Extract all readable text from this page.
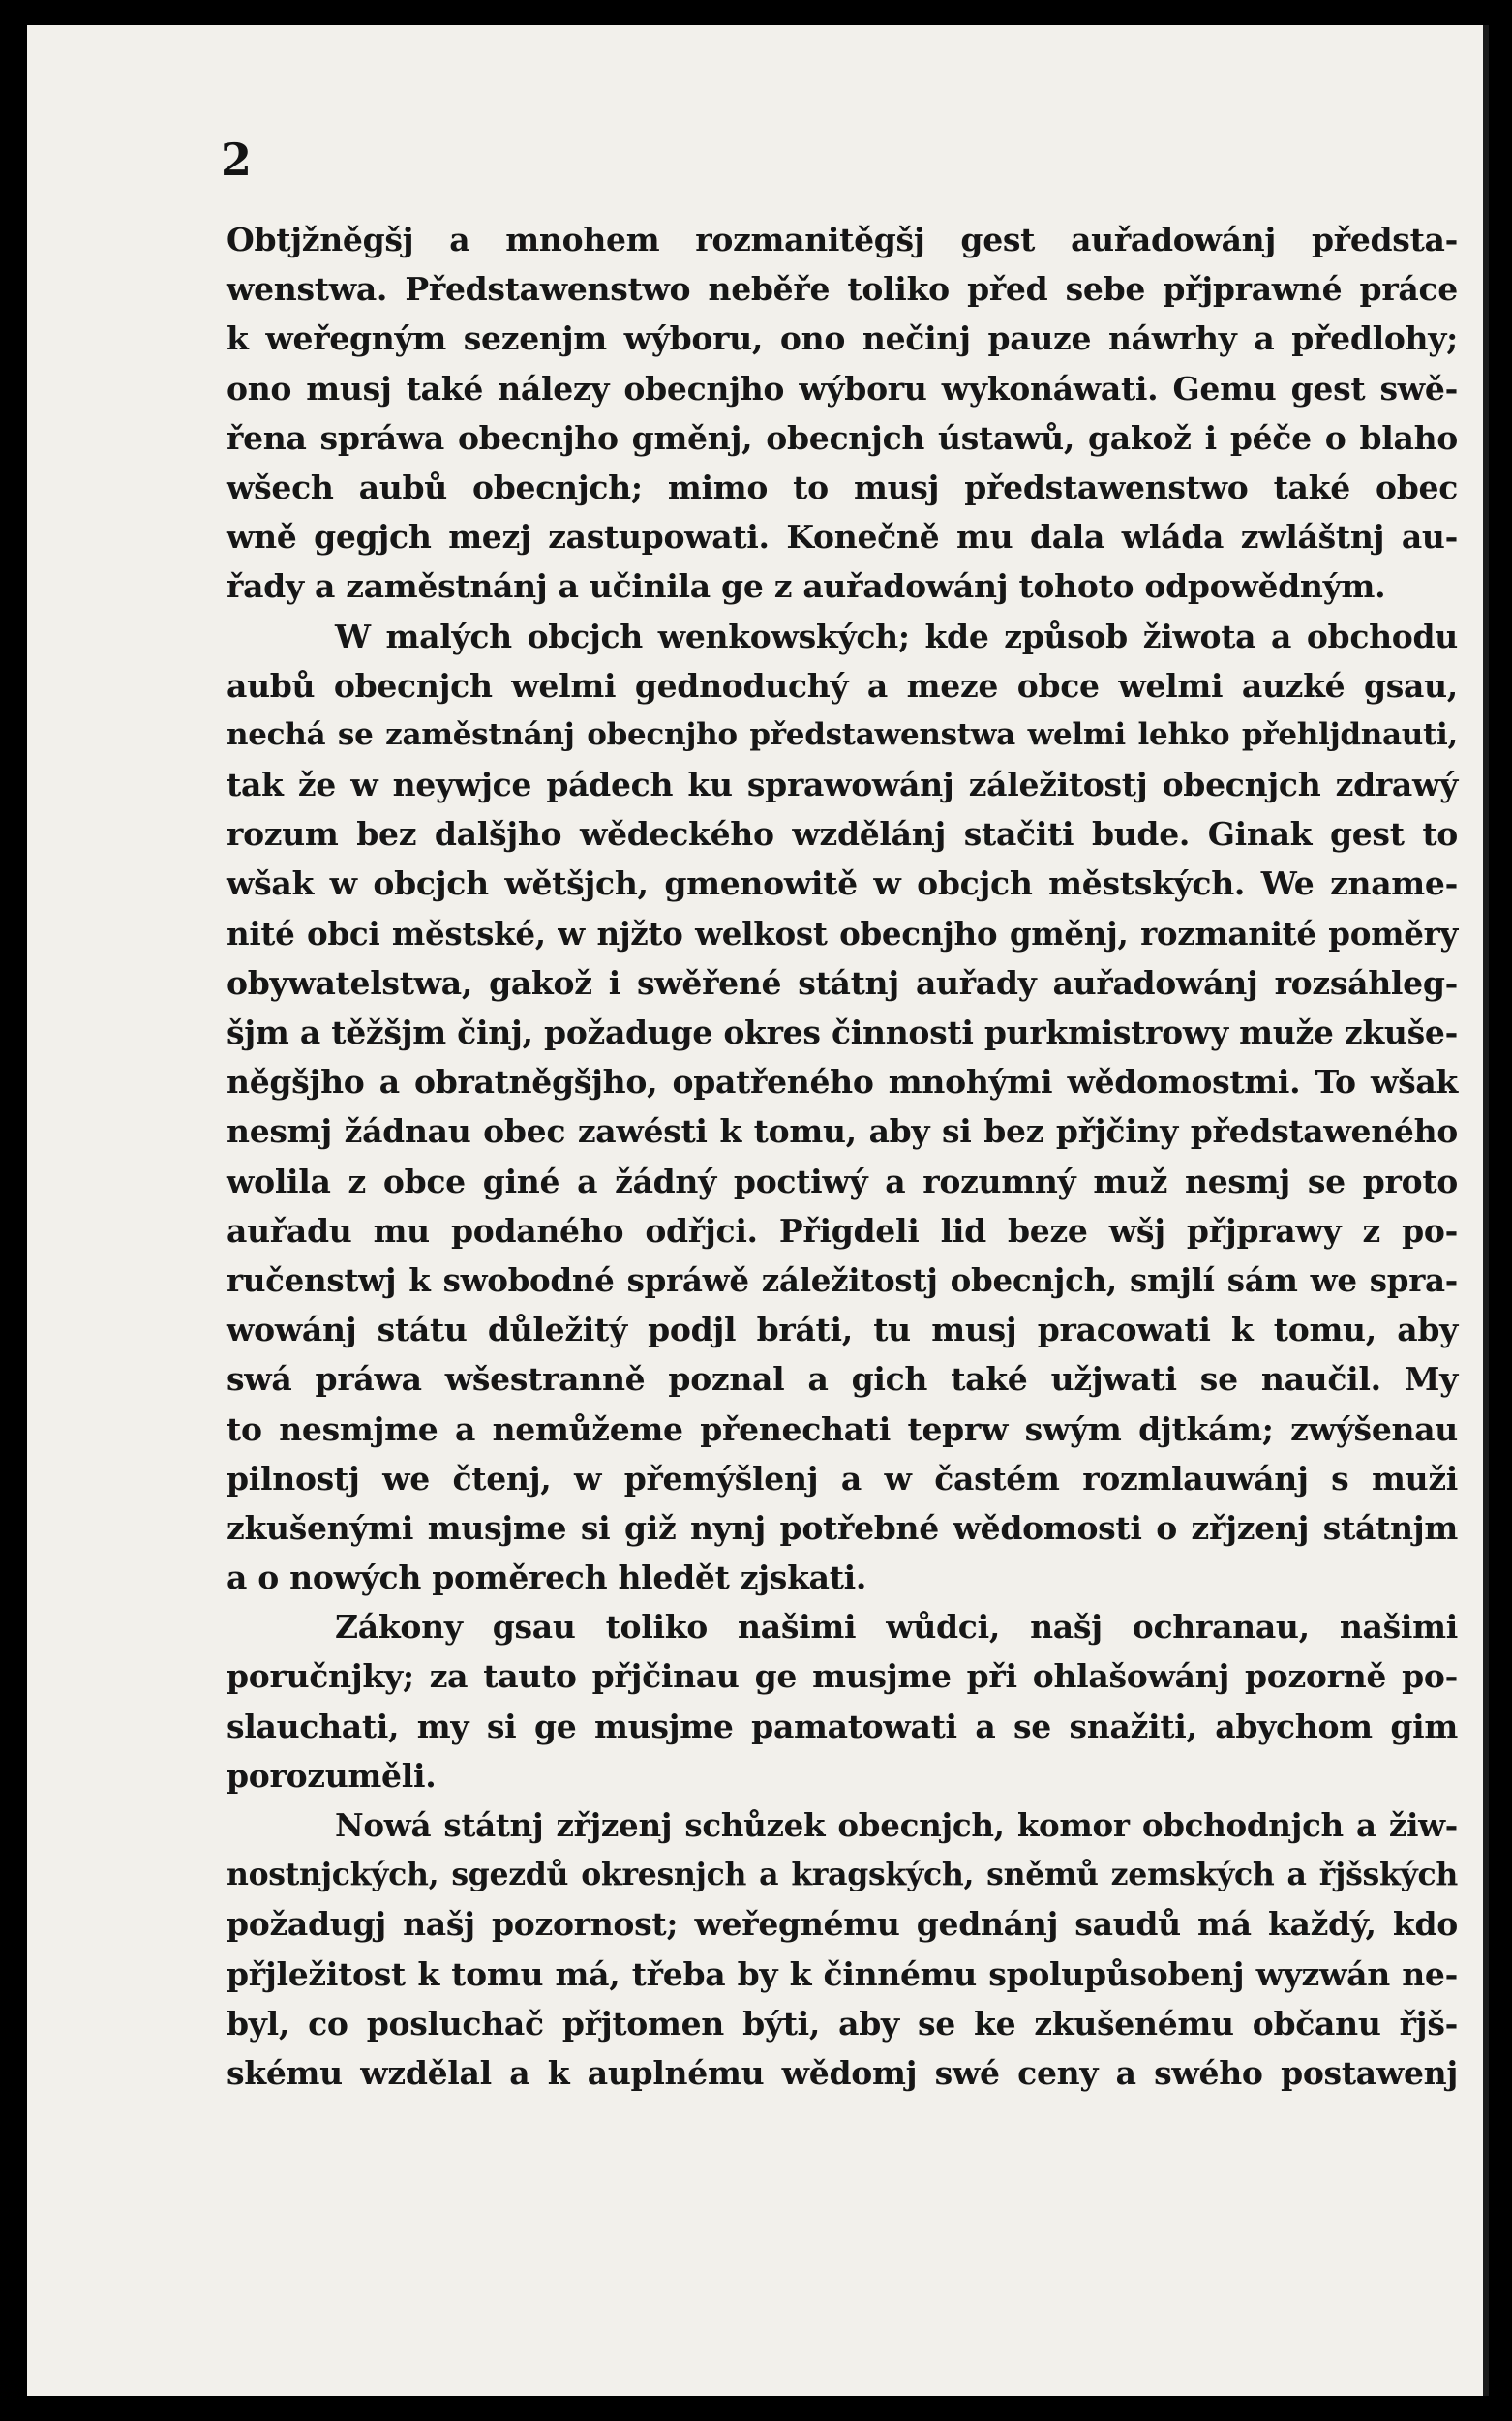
2
Obtjžněgšj a mnohem rozmanitěgšj gest auřadowánj předsta-
wenstwa. Předstawenstwo neběře toliko před sebe přjprawné práce
k weřegným sezenjm wýboru, ono nečinj pauze náwrhy a předlohy;
ono musj také nálezy obecnjho wýboru wykonáwati. Gemu gest swě-
řena spráwa obecnjho gměnj, obecnjch ústawů, gakož i péče o blaho
wšech aubů obecnjch; mimo to musj předstawenstwo také obec
wně gegjch mezj zastupowati. Konečně mu dala wláda zwláštnj au-
řady a zaměstnánj a učinila ge z auřadowánj tohoto odpowědným.
W malých obcjch wenkowských; kde způsob žiwota a obchodu
aubů obecnjch welmi gednoduchý a meze obce welmi auzké gsau,
nechá se zaměstnánj obecnjho předstawenstwa welmi lehko přehljdnauti,
tak že w neywjce pádech ku sprawowánj záležitostj obecnjch zdrawý
rozum bez dalšjho wědeckého wzdělánj stačiti bude. Ginak gest to
wšak w obcjch wětšjch, gmenowitě w obcjch městských. We zname-
nité obci městské, w njžto welkost obecnjho gměnj, rozmanité poměry
obywatelstwa, gakož i swěřené státnj auřady auřadowánj rozsáhleg-
šjm a těžšjm činj, požaduge okres činnosti purkmistrowy muže zkuše-
něgšjho a obratněgšjho, opatřeného mnohými wědomostmi. To wšak
nesmj žádnau obec zawésti k tomu, aby si bez přjčiny předstaweného
wolila z obce giné a žádný poctiwý a rozumný muž nesmj se proto
auřadu mu podaného odřjci. Přigdeli lid beze wšj přjprawy z po-
ručenstwj k swobodné spráwě záležitostj obecnjch, smjlí sám we spra-
wowánj státu důležitý podjl bráti, tu musj pracowati k tomu, aby
swá práwa wšestranně poznal a gich také užjwati se naučil. My
to nesmjme a nemůžeme přenechati teprw swým djtkám; zwýšenau
pilnostj we čtenj, w přemýšlenj a w častém rozmlauwánj s muži
zkušenými musjme si giž nynj potřebné wědomosti o zřjzenj státnjm
a o nowých poměrech hledět zjskati.
Zákony gsau toliko našimi wůdci, našj ochranau, našimi
poručnjky; za tauto přjčinau ge musjme při ohlašowánj pozorně po-
slauchati, my si ge musjme pamatowati a se snažiti, abychom gim
porozuměli.
Nowá státnj zřjzenj schůzek obecnjch, komor obchodnjch a žiw-
nostnjckých, sgezdů okresnjch a kragských, sněmů zemských a řjšských
požadugj našj pozornost; weřegnému gednánj saudů má každý, kdo
přjležitost k tomu má, třeba by k činnému spolupůsobenj wyzwán ne-
byl, co posluchač přjtomen býti, aby se ke zkušenému občanu řjš-
skému wzdělal a k auplnému wědomj swé ceny a swého postawenj
